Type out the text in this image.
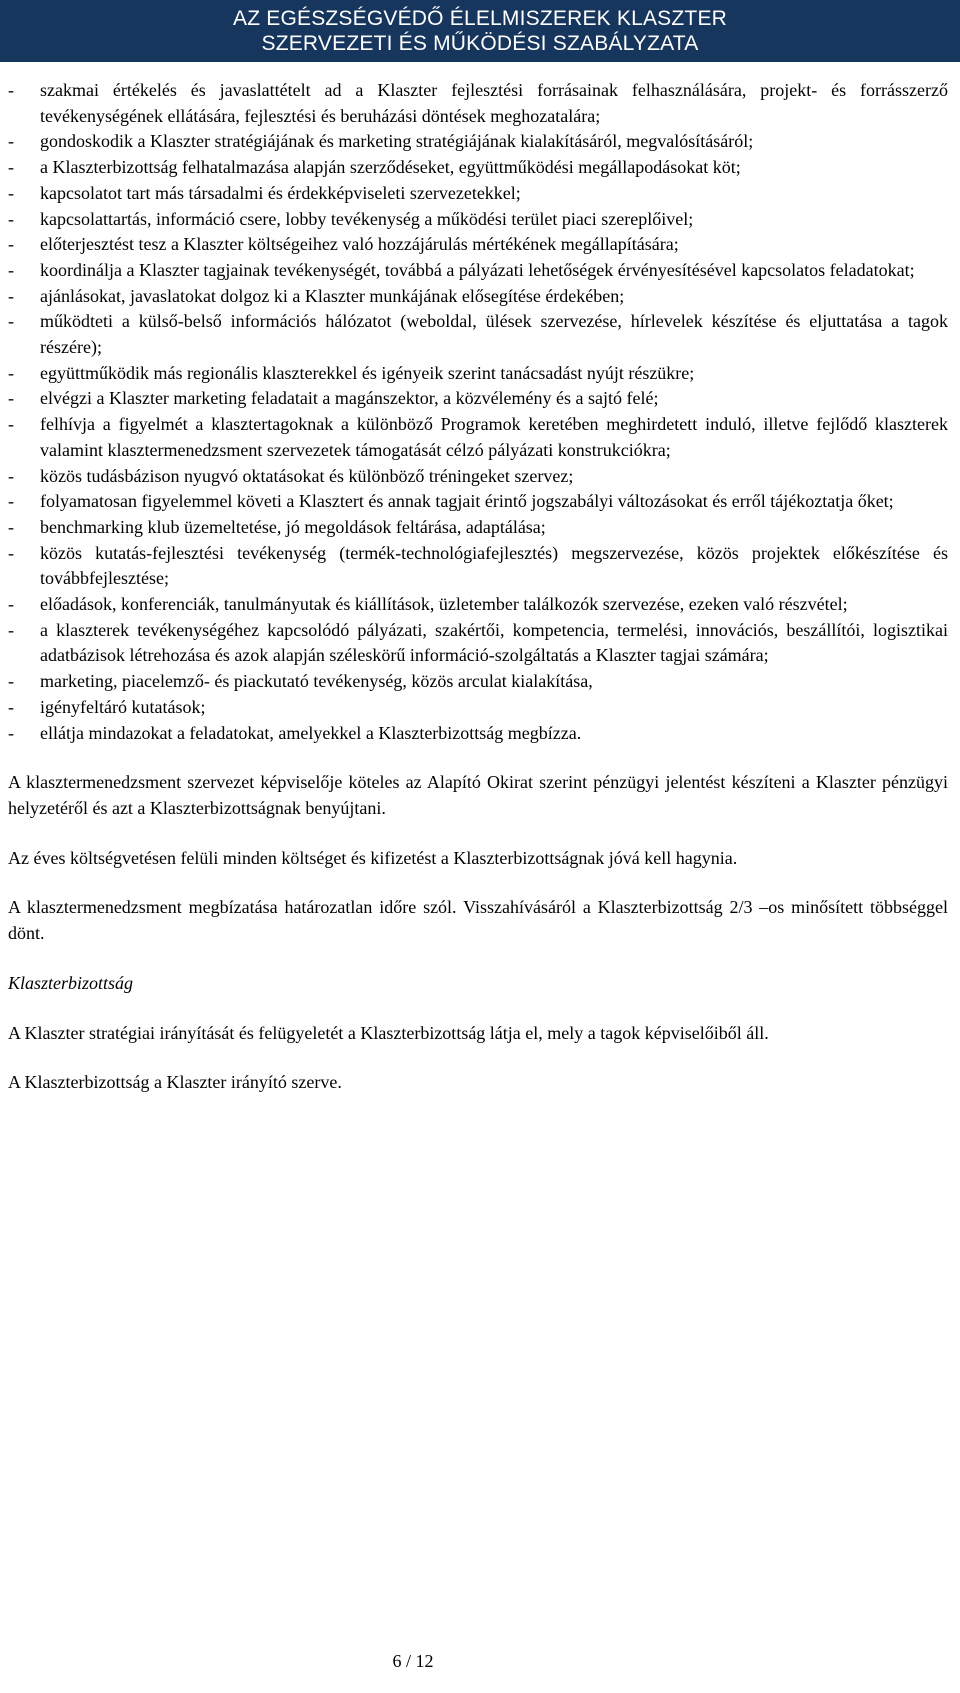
AZ EGÉSZSÉGVÉDŐ ÉLELMISZEREK KLASZTER
SZERVEZETI ÉS MŰKÖDÉSI SZABÁLYZATA
- szakmai értékelés és javaslattételt ad a Klaszter fejlesztési forrásainak felhasználására, projekt- és forrásszerző tevékenységének ellátására, fejlesztési és beruházási döntések meghozatalára;
- gondoskodik a Klaszter stratégiájának és marketing stratégiájának kialakításáról, megvalósításáról;
- a Klaszterbizottság felhatalmazása alapján szerződéseket, együttműködési megállapodásokat köt;
- kapcsolatot tart más társadalmi és érdekképviseleti szervezetekkel;
- kapcsolattartás, információ csere, lobby tevékenység a működési terület piaci szereplőivel;
- előterjesztést tesz a Klaszter költségeihez való hozzájárulás mértékének megállapítására;
- koordinálja a Klaszter tagjainak tevékenységét, továbbá a pályázati lehetőségek érvényesítésével kapcsolatos feladatokat;
- ajánlásokat, javaslatokat dolgoz ki a Klaszter munkájának elősegítése érdekében;
- működteti a külső-belső információs hálózatot (weboldal, ülések szervezése, hírlevelek készítése és eljuttatása a tagok részére);
- együttműködik más regionális klaszterekkel és igényeik szerint tanácsadást nyújt részükre;
- elvégzi a Klaszter marketing feladatait a magánszektor, a közvélemény és a sajtó felé;
- felhívja a figyelmét a klasztertagoknak a különböző Programok keretében meghirdetett induló, illetve fejlődő klaszterek valamint klasztermenedzsment szervezetek támogatását célzó pályázati konstrukciókra;
- közös tudásbázison nyugvó oktatásokat és különböző tréningeket szervez;
- folyamatosan figyelemmel követi a Klasztert és annak tagjait érintő jogszabályi változásokat és erről tájékoztatja őket;
- benchmarking klub üzemeltetése, jó megoldások feltárása, adaptálása;
- közös kutatás-fejlesztési tevékenység (termék-technológiafejlesztés) megszervezése, közös projektek előkészítése és továbbfejlesztése;
- előadások, konferenciák, tanulmányutak és kiállítások, üzletember találkozók szervezése, ezeken való részvétel;
- a klaszterek tevékenységéhez kapcsolódó pályázati, szakértői, kompetencia, termelési, innovációs, beszállítói, logisztikai adatbázisok létrehozása és azok alapján széleskörű információ-szolgáltatás a Klaszter tagjai számára;
- marketing, piacelemző- és piackutató tevékenység, közös arculat kialakítása,
- igényfeltáró kutatások;
- ellátja mindazokat a feladatokat, amelyekkel a Klaszterbizottság megbízza.

A klasztermenedzsment szervezet képviselője köteles az Alapító Okirat szerint pénzügyi jelentést készíteni a Klaszter pénzügyi helyzetéről és azt a Klaszterbizottságnak benyújtani.

Az éves költségvetésen felüli minden költséget és kifizetést a Klaszterbizottságnak jóvá kell hagynia.

A klasztermenedzsment megbízatása határozatlan időre szól. Visszahívásáról a Klaszterbizottság 2/3 –os minősített többséggel dönt.

Klaszterbizottság

A Klaszter stratégiai irányítását és felügyeletét a Klaszterbizottság látja el, mely a tagok képviselőiből áll.

A Klaszterbizottság a Klaszter irányító szerve.

6 / 12
